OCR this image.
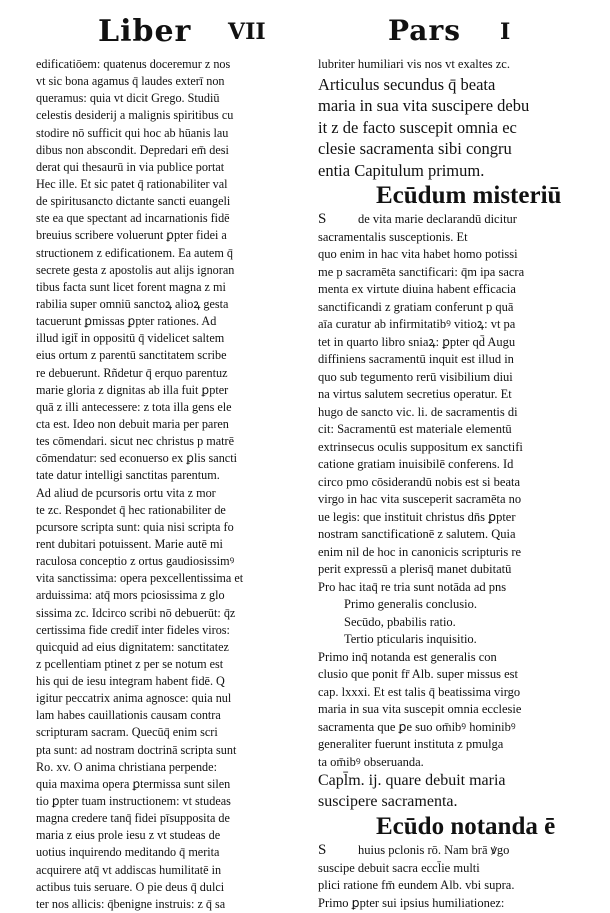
Liber VII	Pars I
edificatiōem: quatenus doceremur z nos
vt sic bona agamus q̄ laudes exterī non
queramus: quia vt dicit Grego. Studiū
celestis desiderij a malignis spiritibus cu
stodire nō sufficit qui hoc ab hūanis lau
dibus non abscondit. Depredari em̄ desi
derat qui thesaurū in via publice portat
Hec ille. Et sic patet q̄ rationabiliter val
de spiritusancto dictante sancti euangeli
ste ea que spectant ad incarnationis fidē
breuius scribere voluerunt ꝑpter fidei a
structionem z edificationem. Ea autem q̄
secrete gesta z apostolis aut alijs ignoran
tibus facta sunt licet forent magna z mi
rabilia super omniū sanctoꝝ alioꝝ gesta
tacuerunt ꝑmissas ꝑpter rationes. Ad
illud igit̄ in oppositū q̄ videlicet saltem
eius ortum z parentū sanctitatem scribe
re debuerunt. Rñdetur q̄ erquo parentuz
marie gloria z dignitas ab illa fuit ꝑpter
quā z illi antecessere: z tota illa gens ele
cta est. Ideo non debuit maria per paren
tes cōmendari. sicut nec christus p matrē
cōmendatur: sed econuerso ex ꝑlis sancti
tate datur intelligi sanctitas parentum.
Ad aliud de pcursoris ortu vita z mor
te zc. Respondet q̄ hec rationabiliter de
pcursore scripta sunt: quia nisi scripta fo
rent dubitari potuissent. Marie autē mi
raculosa conceptio z ortus gaudiosissimꝰ
vita sanctissima: opera pexcellentissima et
arduissima: atq̄ mors pciosissima z glo
sissima zc. Idcirco scribi nō debuerūt: q̄z
certissima fide credit̄ inter fideles viros:
quicquid ad eius dignitatem: sanctitatez
z pcellentiam ptinet z per se notum est
his qui de iesu integram habent fidē. Q
igitur peccatrix anima agnosce: quia nul
lam habes cauillationis causam contra
scripturam sacram. Quecūq̄ enim scri
pta sunt: ad nostram doctrinā scripta sunt
Ro. xv. O anima christiana perpende:
quia maxima opera ꝑtermissa sunt silen
tio ꝑpter tuam instructionem: vt studeas
magna credere tanq̄ fidei pīsupposita de
maria z eius prole iesu z vt studeas de
uotius inquirendo meditando q̄ merita
acquirere atq̄ vt addiscas humilitatē in
actibus tuis seruare. O pie deus q̄ dulci
ter nos allicis: q̄benigne instruis: z q̄ sa
lubriter humiliari vis nos vt exaltes zc.
Articulus secundus q̄ beata
maria in sua vita suscipere debu
it z de facto suscepit omnia ec
clesie sacramenta sibi congru
entia Capitulum primum.
Ecūdum misteriū
S	de vita marie declarandū dicitur
sacramentalis susceptionis. Et
quo enim in hac vita habet homo potissi
me p sacramēta sanctificari: q̄m ipa sacra
menta ex virtute diuina habent efficacia
sanctificandi z gratiam conferunt p quā
aīa curatur ab infirmitatibꝰ vitioꝝ: vt pa
tet in quarto libro sniaꝝ: ꝑpter qd̄ Augu
diffiniens sacramentū inquit est illud in
quo sub tegumento rerū visibilium diui
na virtus salutem secretius operatur. Et
hugo de sancto vic. li. de sacramentis di
cit: Sacramentū est materiale elementū
extrinsecus oculis suppositum ex sanctifi
catione gratiam inuisibilē conferens. Id
circo pmo cōsiderandū nobis est si beata
virgo in hac vita susceperit sacramēta no
ue legis: que instituit christus dn̄s ꝑpter
nostram sanctificationē z salutem. Quia
enim nil de hoc in canonicis scripturis re
perit expressū a plerisq̄ manet dubitatū
Pro hac itaq̄ re tria sunt notāda ad pns
Primo generalis conclusio.
Secūdo, pbabilis ratio.
Tertio pticularis inquisitio.
Primo inq̄ notanda est generalis con
clusio que ponit fr̄ Alb. super missus est
cap. lxxxi. Et est talis q̄ beatissima virgo
maria in sua vita suscepit omnia ecclesie
sacramenta que ꝑe suo om̄ibꝰ hominibꝰ
generaliter fuerunt instituta z pmulga
ta om̄ibꝰ obseruanda.
Capl̄m. ij. quare debuit maria
suscipere sacramenta.
Ecūdo notanda ē
S	huius pclonis rō. Nam brā ꝟgo
suscipe debuit sacra eccl̄ie multi
plici ratione fm̄ eundem Alb. vbi supra.
Primo ꝑpter sui ipsius humiliationez:
